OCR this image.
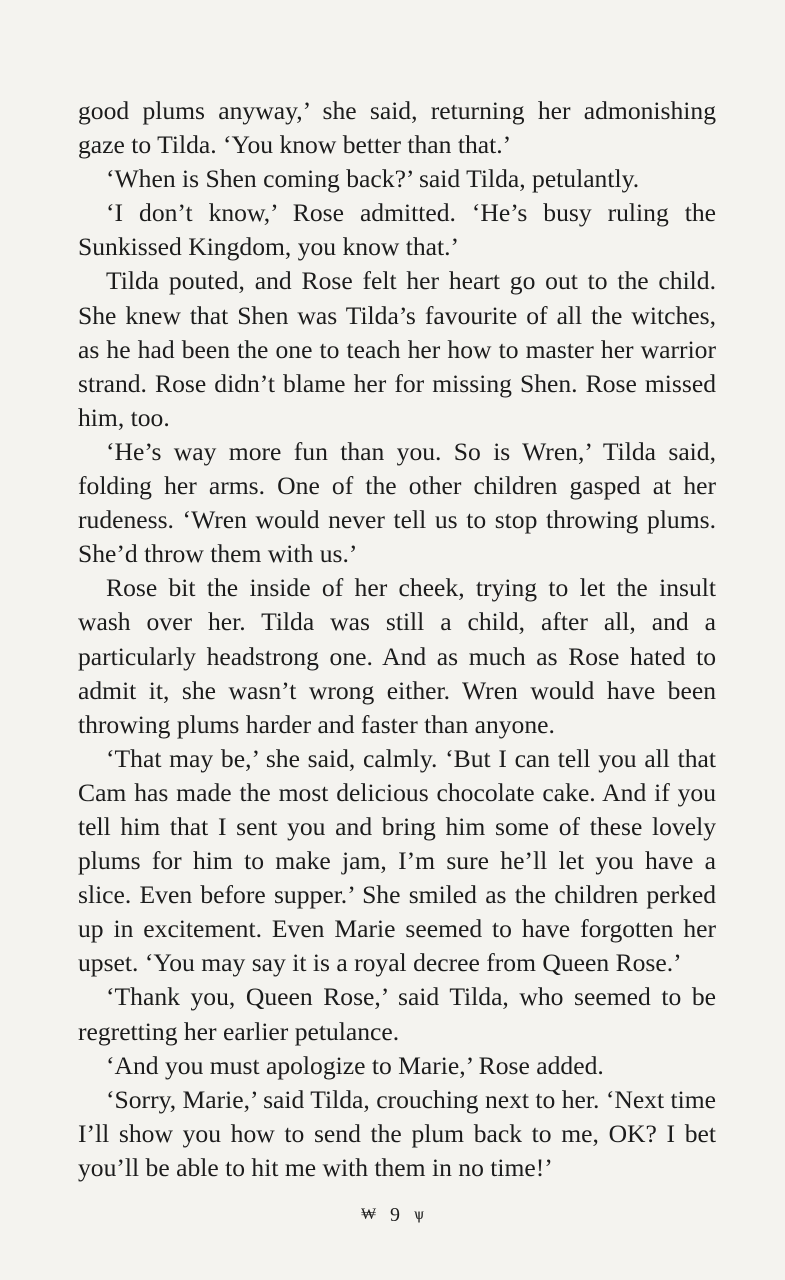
good plums anyway,’ she said, returning her admonishing gaze to Tilda. ‘You know better than that.’

‘When is Shen coming back?’ said Tilda, petulantly.

‘I don’t know,’ Rose admitted. ‘He’s busy ruling the Sunkissed Kingdom, you know that.’

Tilda pouted, and Rose felt her heart go out to the child. She knew that Shen was Tilda’s favourite of all the witches, as he had been the one to teach her how to master her warrior strand. Rose didn’t blame her for missing Shen. Rose missed him, too.

‘He’s way more fun than you. So is Wren,’ Tilda said, folding her arms. One of the other children gasped at her rudeness. ‘Wren would never tell us to stop throwing plums. She’d throw them with us.’

Rose bit the inside of her cheek, trying to let the insult wash over her. Tilda was still a child, after all, and a particularly headstrong one. And as much as Rose hated to admit it, she wasn’t wrong either. Wren would have been throwing plums harder and faster than anyone.

‘That may be,’ she said, calmly. ‘But I can tell you all that Cam has made the most delicious chocolate cake. And if you tell him that I sent you and bring him some of these lovely plums for him to make jam, I’m sure he’ll let you have a slice. Even before supper.’ She smiled as the children perked up in excitement. Even Marie seemed to have forgotten her upset. ‘You may say it is a royal decree from Queen Rose.’

‘Thank you, Queen Rose,’ said Tilda, who seemed to be regretting her earlier petulance.

‘And you must apologize to Marie,’ Rose added.

‘Sorry, Marie,’ said Tilda, crouching next to her. ‘Next time I’ll show you how to send the plum back to me, OK? I bet you’ll be able to hit me with them in no time!’

₩ 9 ѱ
